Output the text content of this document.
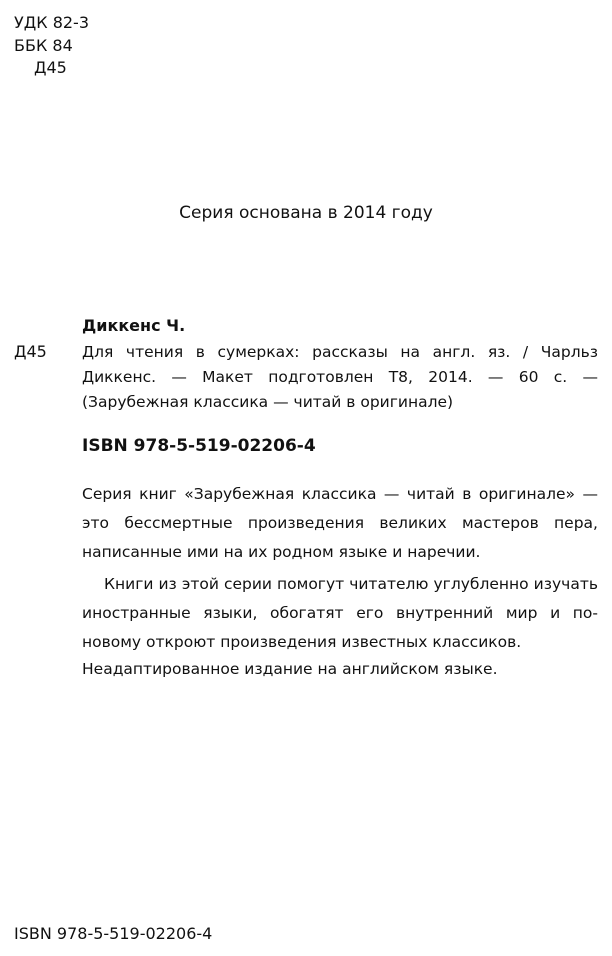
УДК 82-3
ББК 84

Д45
Серия основана в 2014 году
Диккенс Ч.
Д45 Для чтения в сумерках: рассказы на англ. яз. / Чарльз Диккенс. — Макет подготовлен Т8, 2014. — 60 с. — (Зарубежная классика — читай в оригинале)
ISBN 978-5-519-02206-4

Серия книг «Зарубежная классика — читай в оригинале» — это бессмертные произведения великих мастеров пера, написанные ими на их родном языке и наречии.

Книги из этой серии помогут читателю углубленно изучать иностранные языки, обогатят его внутренний мир и по-новому откроют произведения известных классиков.

Неадаптированное издание на английском языке.
ISBN 978-5-519-02206-4
